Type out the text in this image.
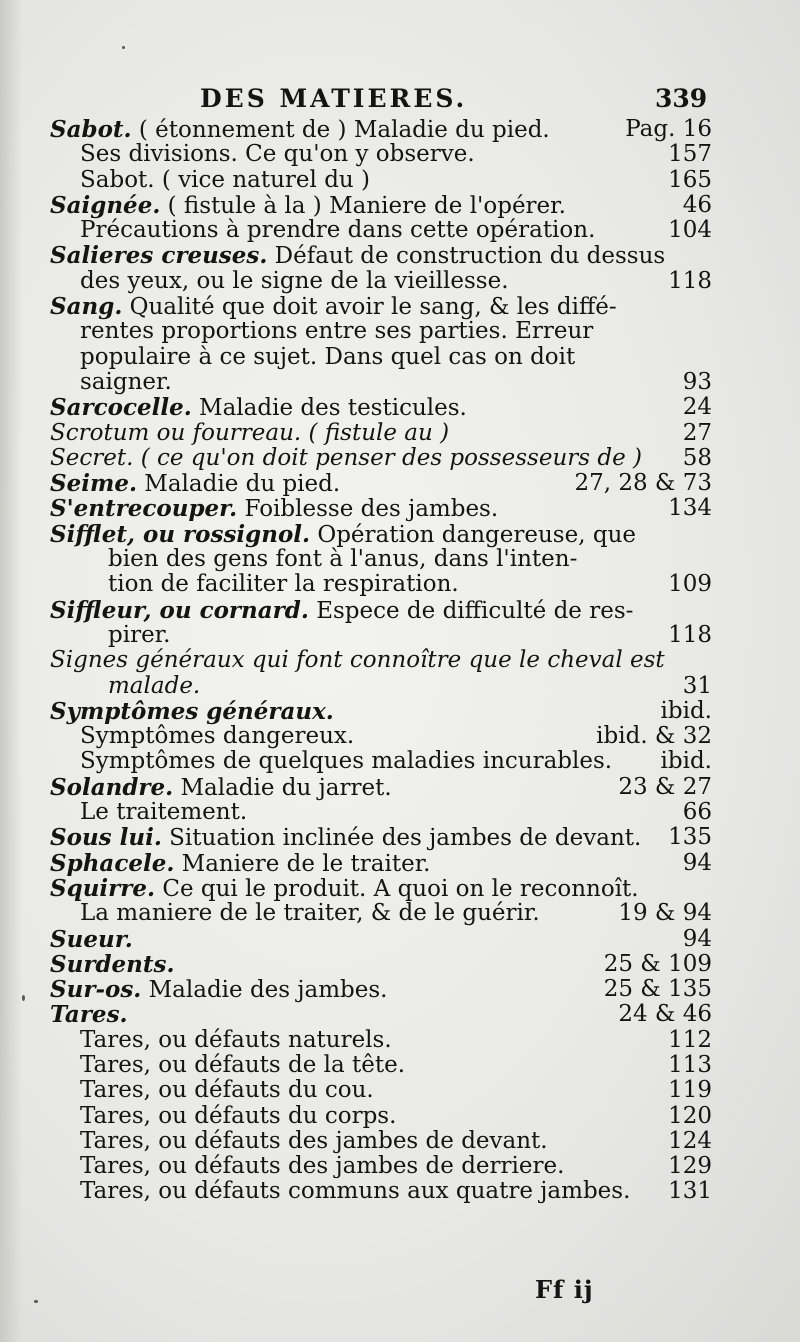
DES MATIERES.	339
Sabot. ( étonnement de ) Maladie du pied.	Pag. 16
Ses divisions. Ce qu'on y observe.	157
Sabot. ( vice naturel du )	165
Saignée. ( fistule à la ) Maniere de l'opérer.	46
Précautions à prendre dans cette opération.	104
Salieres creuses. Défaut de construction du dessus
des yeux, ou le signe de la vieillesse.	118
Sang. Qualité que doit avoir le sang, & les diffé-
rentes proportions entre ses parties. Erreur
populaire à ce sujet. Dans quel cas on doit
saigner.	93
Sarcocelle. Maladie des testicules.	24
Scrotum ou fourreau. ( fistule au )	27
Secret. ( ce qu'on doit penser des possesseurs de ) 58
Seime. Maladie du pied.	27, 28 & 73
S'entrecouper. Foiblesse des jambes.	134
Sifflet, ou rossignol. Opération dangereuse, que
bien des gens font à l'anus, dans l'inten-
tion de faciliter la respiration.	109
Siffleur, ou cornard. Espece de difficulté de res-
pirer.	118
Signes généraux qui font connoître que le cheval est
malade.	31
Symptômes généraux.	ibid.
Symptômes dangereux.	ibid. & 32
Symptômes de quelques maladies incurables. ibid.
Solandre. Maladie du jarret.	23 & 27
Le traitement.	66
Sous lui. Situation inclinée des jambes de devant. 135
Sphacele. Maniere de le traiter.	94
Squirre. Ce qui le produit. A quoi on le reconnoît.
La maniere de le traiter, & de le guérir.	19 & 94
Sueur.	94
Surdents.	25 & 109
Sur-os. Maladie des jambes.	25 & 135
Tares.	24 & 46
Tares, ou défauts naturels.	112
Tares, ou défauts de la tête.	113
Tares, ou défauts du cou.	119
Tares, ou défauts du corps.	120
Tares, ou défauts des jambes de devant.	124
Tares, ou défauts des jambes de derriere.	129
Tares, ou défauts communs aux quatre jambes. 131
Ff ij
